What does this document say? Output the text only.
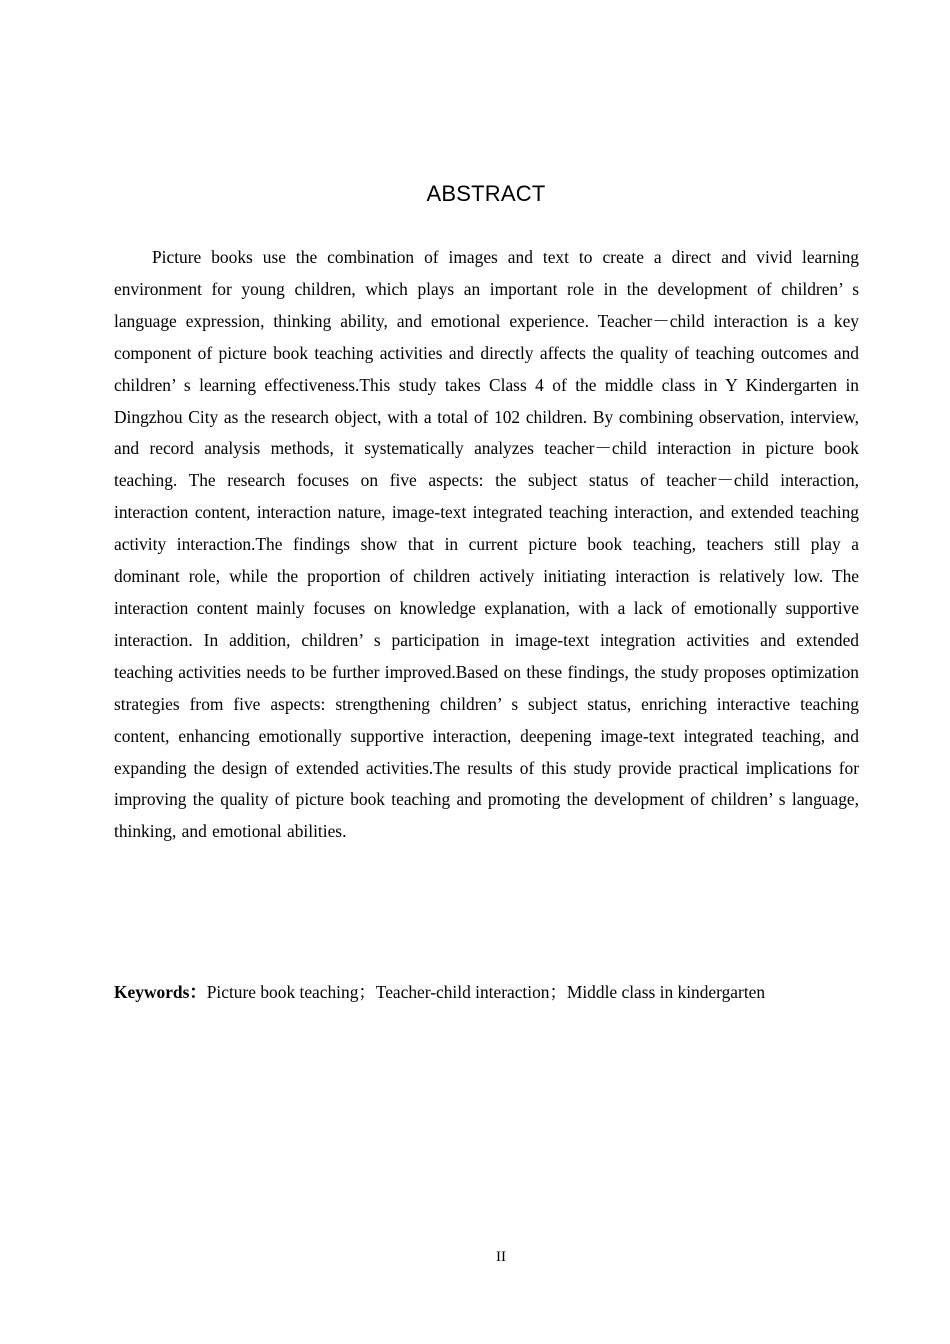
ABSTRACT

Picture books use the combination of images and text to create a direct and vivid learning environment for young children, which plays an important role in the development of children’ s language expression, thinking ability, and emotional experience. Teacher－child interaction is a key component of picture book teaching activities and directly affects the quality of teaching outcomes and children’ s learning effectiveness.This study takes Class 4 of the middle class in Y Kindergarten in Dingzhou City as the research object, with a total of 102 children. By combining observation, interview, and record analysis methods, it systematically analyzes teacher－child interaction in picture book teaching. The research focuses on five aspects: the subject status of teacher－child interaction, interaction content, interaction nature, image-text integrated teaching interaction, and extended teaching activity interaction.The findings show that in current picture book teaching, teachers still play a dominant role, while the proportion of children actively initiating interaction is relatively low. The interaction content mainly focuses on knowledge explanation, with a lack of emotionally supportive interaction. In addition, children’ s participation in image-text integration activities and extended teaching activities needs to be further improved.Based on these findings, the study proposes optimization strategies from five aspects: strengthening children’ s subject status, enriching interactive teaching content, enhancing emotionally supportive interaction, deepening image-text integrated teaching, and expanding the design of extended activities.The results of this study provide practical implications for improving the quality of picture book teaching and promoting the development of children’ s language, thinking, and emotional abilities.

Keywords：Picture book teaching；Teacher-child interaction；Middle class in kindergarten
II
